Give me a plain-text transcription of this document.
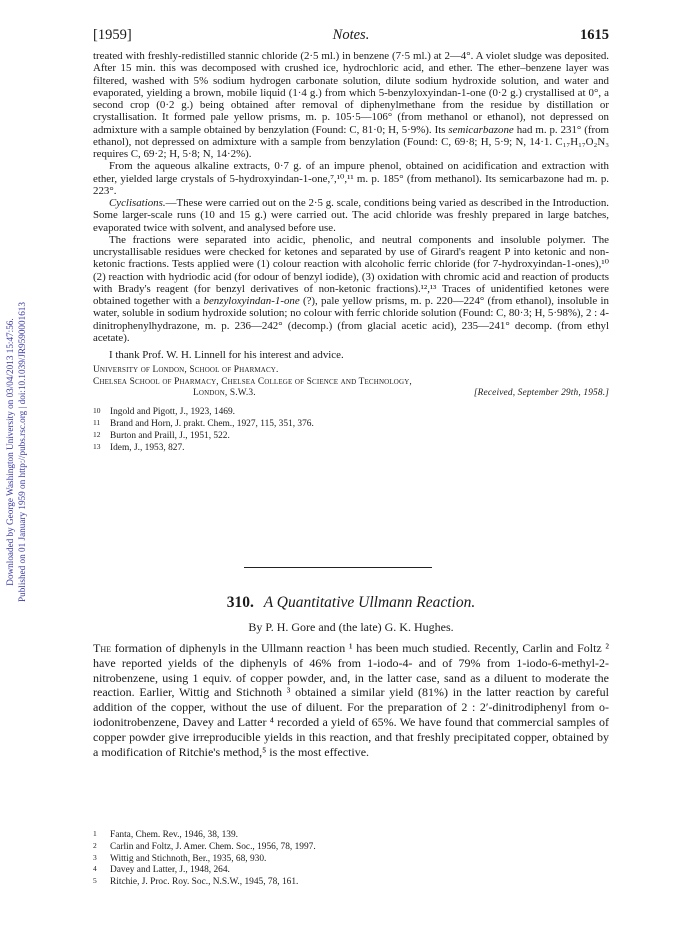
Downloaded by George Washington University on 03/04/2013 15:47:56. Published on 01 January 1959 on http://pubs.rsc.org | doi:10.1039/JR9590001613
[1959]	Notes.	1615

treated with freshly-redistilled stannic chloride (2·5 ml.) in benzene (7·5 ml.) at 2—4°. A violet sludge was deposited. After 15 min. this was decomposed with crushed ice, hydrochloric acid, and ether. The ether–benzene layer was filtered, washed with 5% sodium hydrogen carbonate solution, dilute sodium hydroxide solution, and water and evaporated, yielding a brown, mobile liquid (1·4 g.) from which 5-benzyloxyindan-1-one (0·2 g.) crystallised at 0°, a second crop (0·2 g.) being obtained after removal of diphenylmethane from the residue by distillation or crystallisation. It formed pale yellow prisms, m. p. 105·5—106° (from methanol or ethanol), not depressed on admixture with a sample obtained by benzylation (Found: C, 81·0; H, 5·9%). Its semicarbazone had m. p. 231° (from ethanol), not depressed on admixture with a sample from benzylation (Found: C, 69·8; H, 5·9; N, 14·1. C₁₇H₁₇O₂N₃ requires C, 69·2; H, 5·8; N, 14·2%).

From the aqueous alkaline extracts, 0·7 g. of an impure phenol, obtained on acidification and extraction with ether, yielded large crystals of 5-hydroxyindan-1-one,⁷,¹⁰,¹¹ m. p. 185° (from methanol). Its semicarbazone had m. p. 223°.

Cyclisations.—These were carried out on the 2·5 g. scale, conditions being varied as described in the Introduction. Some larger-scale runs (10 and 15 g.) were carried out. The acid chloride was freshly prepared in large batches, evaporated twice with solvent, and analysed before use.

The fractions were separated into acidic, phenolic, and neutral components and insoluble polymer. The uncrystallisable residues were checked for ketones and separated by use of Girard's reagent P into ketonic and non-ketonic fractions. Tests applied were (1) colour reaction with alcoholic ferric chloride (for 7-hydroxyindan-1-ones),¹⁰ (2) reaction with hydriodic acid (for odour of benzyl iodide), (3) oxidation with chromic acid and reaction of products with Brady's reagent (for benzyl derivatives of non-ketonic fractions).¹²,¹³ Traces of unidentified ketones were obtained together with a benzyloxyindan-1-one (?), pale yellow prisms, m. p. 220—224° (from ethanol), insoluble in water, soluble in sodium hydroxide solution; no colour with ferric chloride solution (Found: C, 80·3; H, 5·98%), 2 : 4-dinitrophenylhydrazone, m. p. 236—242° (decomp.) (from glacial acetic acid), 235—241° decomp. (from ethyl acetate).

I thank Prof. W. H. Linnell for his interest and advice.

University of London, School of Pharmacy.
Chelsea School of Pharmacy, Chelsea College of Science and Technology,
London, S.W.3.	[Received, September 29th, 1958.]
10 Ingold and Pigott, J., 1923, 1469.
11 Brand and Horn, J. prakt. Chem., 1927, 115, 351, 376.
12 Burton and Praill, J., 1951, 522.
13 Idem, J., 1953, 827.
310. A Quantitative Ullmann Reaction.
By P. H. Gore and (the late) G. K. Hughes.

The formation of diphenyls in the Ullmann reaction ¹ has been much studied. Recently, Carlin and Foltz ² have reported yields of the diphenyls of 46% from 1-iodo-4- and of 79% from 1-iodo-6-methyl-2-nitrobenzene, using 1 equiv. of copper powder, and, in the latter case, sand as a diluent to moderate the reaction. Earlier, Wittig and Stichnoth ³ obtained a similar yield (81%) in the latter reaction by careful addition of the copper, without the use of diluent. For the preparation of 2 : 2′-dinitrodiphenyl from o-iodonitrobenzene, Davey and Latter ⁴ recorded a yield of 65%. We have found that commercial samples of copper powder give irreproducible yields in this reaction, and that freshly precipitated copper, obtained by a modification of Ritchie's method,⁵ is the most effective.

1 Fanta, Chem. Rev., 1946, 38, 139.
2 Carlin and Foltz, J. Amer. Chem. Soc., 1956, 78, 1997.
3 Wittig and Stichnoth, Ber., 1935, 68, 930.
4 Davey and Latter, J., 1948, 264.
5 Ritchie, J. Proc. Roy. Soc., N.S.W., 1945, 78, 161.
